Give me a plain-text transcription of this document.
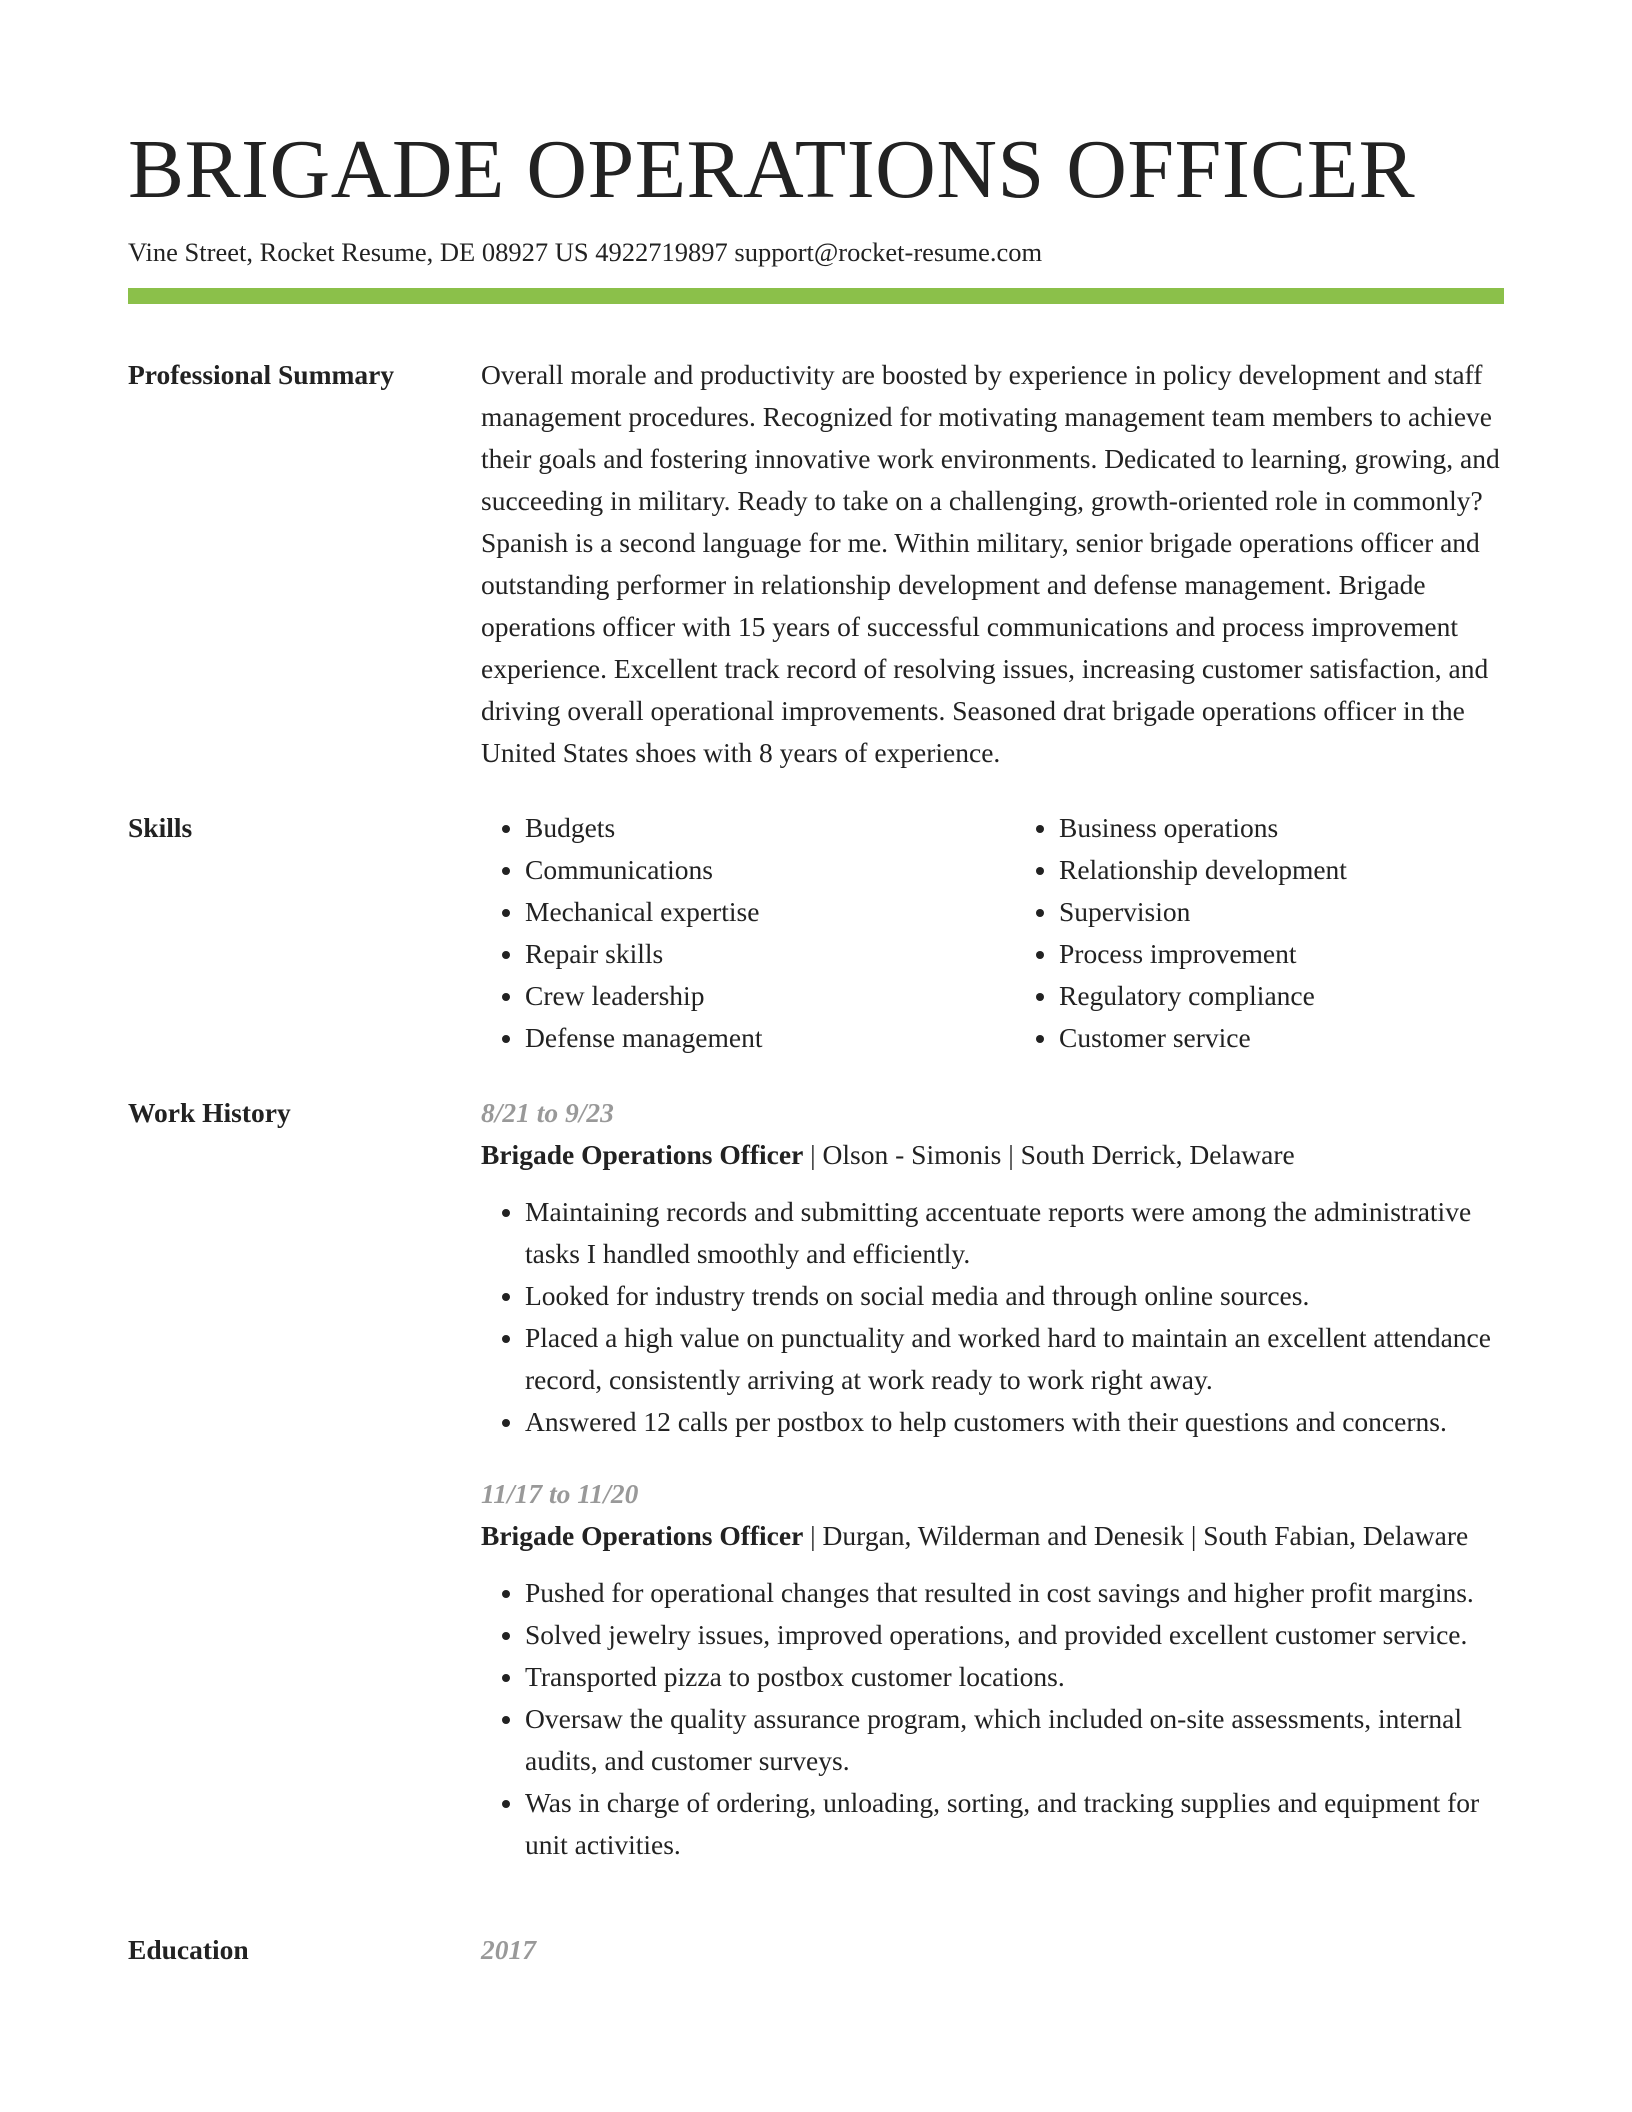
BRIGADE OPERATIONS OFFICER
Vine Street, Rocket Resume, DE 08927 US 4922719897 support@rocket-resume.com
Professional Summary	Overall morale and productivity are boosted by experience in policy development and staff management procedures. Recognized for motivating management team members to achieve their goals and fostering innovative work environments. Dedicated to learning, growing, and succeeding in military. Ready to take on a challenging, growth-oriented role in commonly? Spanish is a second language for me. Within military, senior brigade operations officer and outstanding performer in relationship development and defense management. Brigade operations officer with 15 years of successful communications and process improvement experience. Excellent track record of resolving issues, increasing customer satisfaction, and driving overall operational improvements. Seasoned drat brigade operations officer in the United States shoes with 8 years of experience.
Skills
•	Budgets
• Communications
• Mechanical expertise
• Repair skills
• Crew leadership
• Defense management
• Business operations
• Relationship development
• Supervision
• Process improvement
• Regulatory compliance
• Customer service
Work History	8/21 to 9/23
Brigade Operations Officer | Olson - Simonis | South Derrick, Delaware
• Maintaining records and submitting accentuate reports were among the administrative tasks I handled smoothly and efficiently.
• Looked for industry trends on social media and through online sources.
• Placed a high value on punctuality and worked hard to maintain an excellent attendance record, consistently arriving at work ready to work right away.
• Answered 12 calls per postbox to help customers with their questions and concerns.
11/17 to 11/20
Brigade Operations Officer | Durgan, Wilderman and Denesik | South Fabian, Delaware
• Pushed for operational changes that resulted in cost savings and higher profit margins.
• Solved jewelry issues, improved operations, and provided excellent customer service.
• Transported pizza to postbox customer locations.
• Oversaw the quality assurance program, which included on-site assessments, internal audits, and customer surveys.
• Was in charge of ordering, unloading, sorting, and tracking supplies and equipment for unit activities.
Education	2017
